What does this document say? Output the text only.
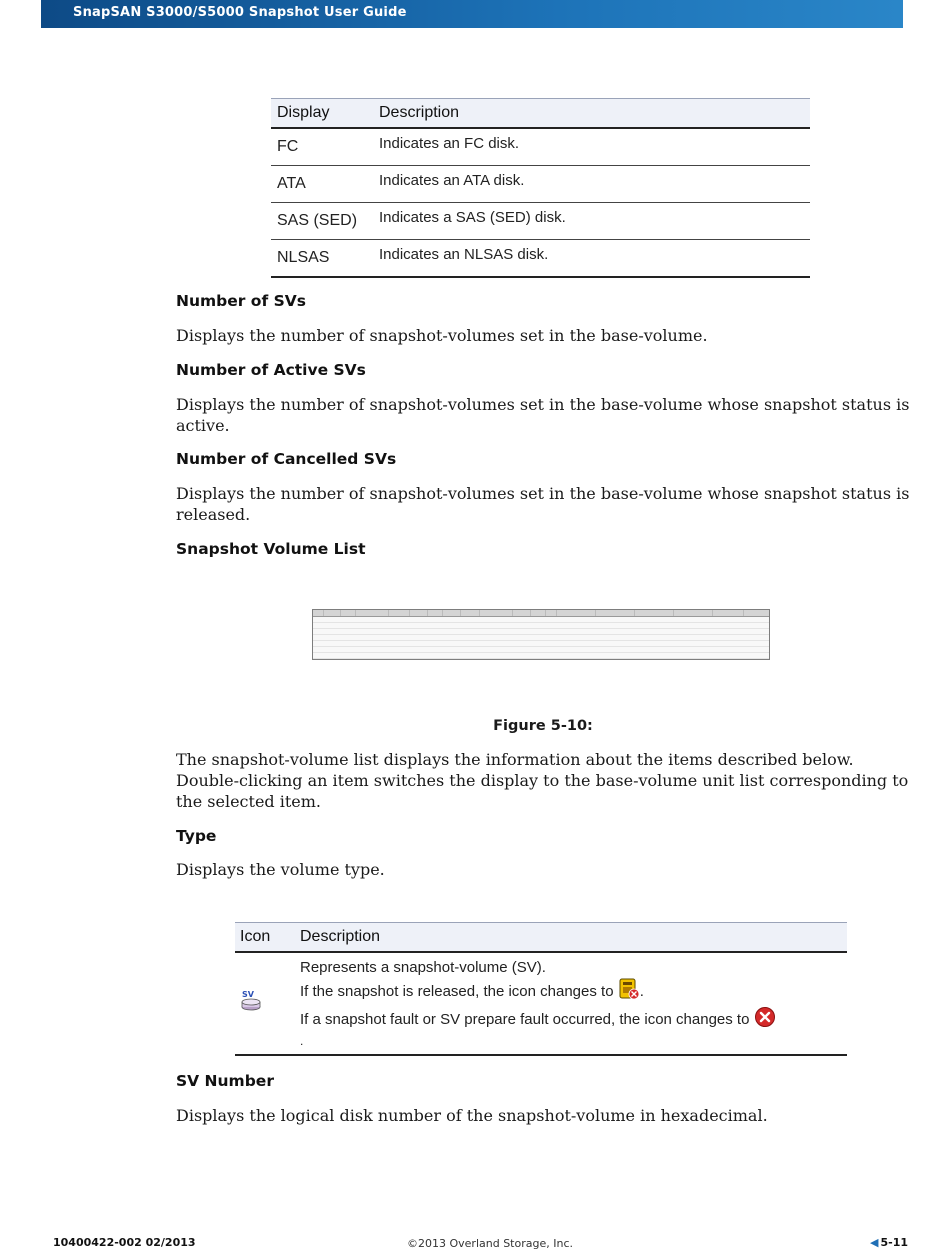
SnapSAN S3000/S5000 Snapshot User Guide
Display	Description
FC	Indicates an FC disk.
ATA	Indicates an ATA disk.
SAS (SED)	Indicates a SAS (SED) disk.
NLSAS	Indicates an NLSAS disk.
Number of SVs
Displays the number of snapshot-volumes set in the base-volume.
Number of Active SVs
Displays the number of snapshot-volumes set in the base-volume whose snapshot status is active.
Number of Cancelled SVs
Displays the number of snapshot-volumes set in the base-volume whose snapshot status is released.
Snapshot Volume List
Figure 5-10:
The snapshot-volume list displays the information about the items described below. Double-clicking an item switches the display to the base-volume unit list corresponding to the selected item.
Type
Displays the volume type.
Icon	Description

SV	Represents a snapshot-volume (SV).
If the snapshot is released, the icon changes to .
If a snapshot fault or SV prepare fault occurred, the icon changes to
.
SV Number
Displays the logical disk number of the snapshot-volume in hexadecimal.
10400422-002 02/2013	©2013 Overland Storage, Inc.	◀ 5-11
